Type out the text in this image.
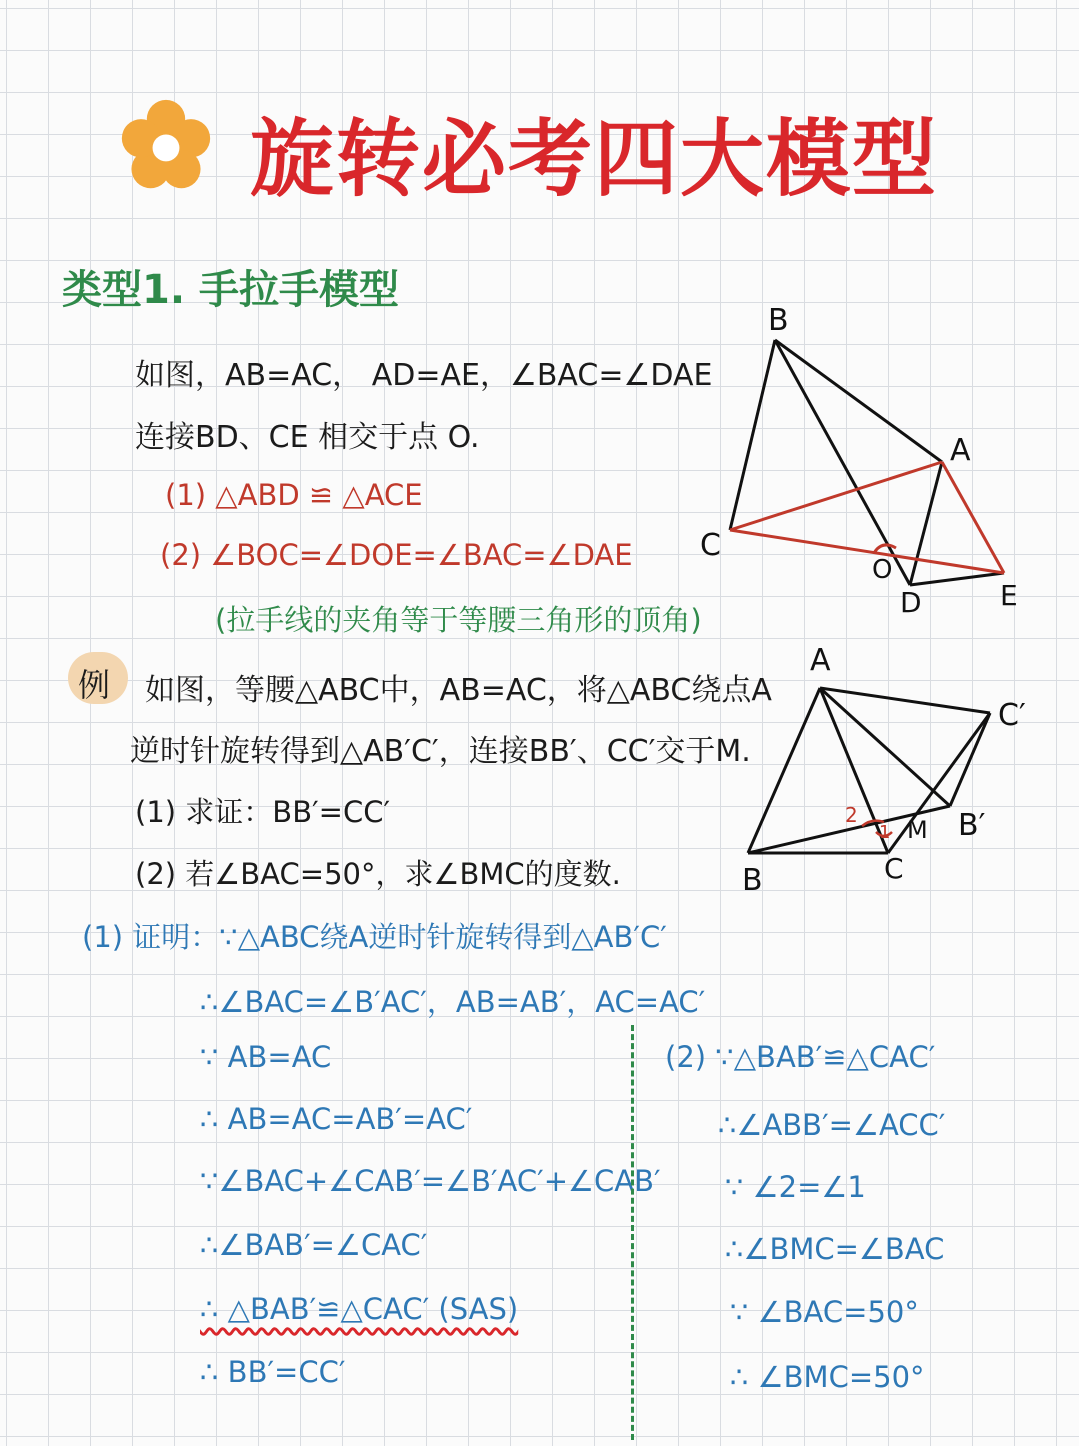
旋转必考四大模型
类型1. 手拉手模型
如图，AB=AC， AD=AE，∠BAC=∠DAE
连接BD、CE 相交于点 O.
(1) △ABD ≌ △ACE
(2) ∠BOC=∠DOE=∠BAC=∠DAE
(拉手线的夹角等于等腰三角形的顶角)
B
A
C
O
D	E
例 如图，等腰△ABC中，AB=AC，将△ABC绕点A
逆时针旋转得到△AB′C′，连接BB′、CC′交于M.
(1) 求证：BB′=CC′
(2) 若∠BAC=50°，求∠BMC的度数.
A
C′
B′
B	C
M
2
1
(1) 证明：∵△ABC绕A逆时针旋转得到△AB′C′
∴∠BAC=∠B′AC′，AB=AB′，AC=AC′
∵ AB=AC
∴ AB=AC=AB′=AC′
∵∠BAC+∠CAB′=∠B′AC′+∠CAB′
∴∠BAB′=∠CAC′
∴ △BAB′≌△CAC′ (SAS)
∴ BB′=CC′
(2) ∵△BAB′≌△CAC′
∴∠ABB′=∠ACC′
∵ ∠2=∠1
∴∠BMC=∠BAC
∵ ∠BAC=50°
∴ ∠BMC=50°
